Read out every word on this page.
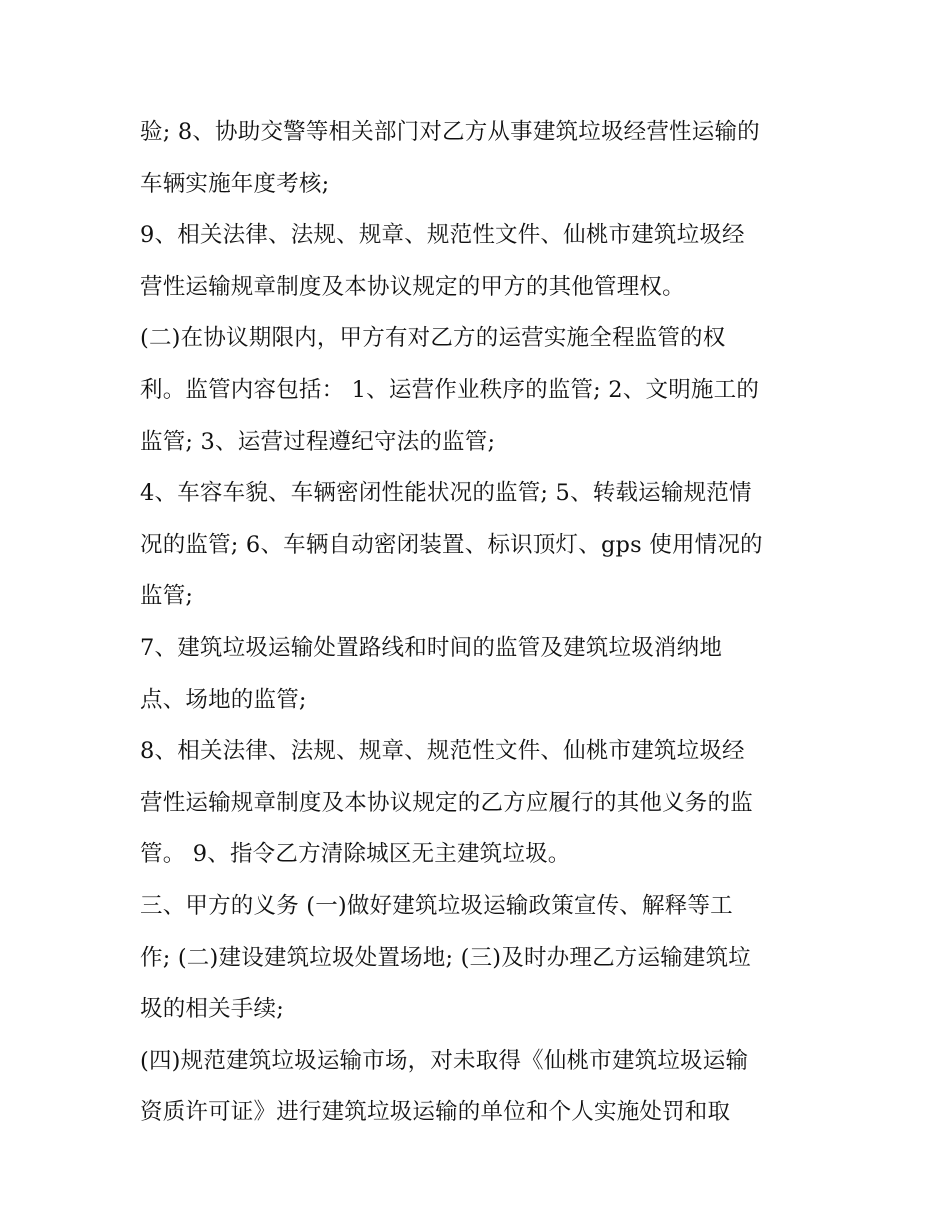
验; 8、协助交警等相关部门对乙方从事建筑垃圾经营性运输的
车辆实施年度考核;
9、相关法律、法规、规章、规范性文件、仙桃市建筑垃圾经
营性运输规章制度及本协议规定的甲方的其他管理权。
(二)在协议期限内，甲方有对乙方的运营实施全程监管的权
利。监管内容包括： 1、运营作业秩序的监管; 2、文明施工的
监管; 3、运营过程遵纪守法的监管;
4、车容车貌、车辆密闭性能状况的监管; 5、转载运输规范情
况的监管; 6、车辆自动密闭装置、标识顶灯、gps 使用情况的
监管;
7、建筑垃圾运输处置路线和时间的监管及建筑垃圾消纳地
点、场地的监管;
8、相关法律、法规、规章、规范性文件、仙桃市建筑垃圾经
营性运输规章制度及本协议规定的乙方应履行的其他义务的监
管。 9、指令乙方清除城区无主建筑垃圾。
三、甲方的义务 (一)做好建筑垃圾运输政策宣传、解释等工
作; (二)建设建筑垃圾处置场地; (三)及时办理乙方运输建筑垃
圾的相关手续;
(四)规范建筑垃圾运输市场，对未取得《仙桃市建筑垃圾运输
资质许可证》进行建筑垃圾运输的单位和个人实施处罚和取
